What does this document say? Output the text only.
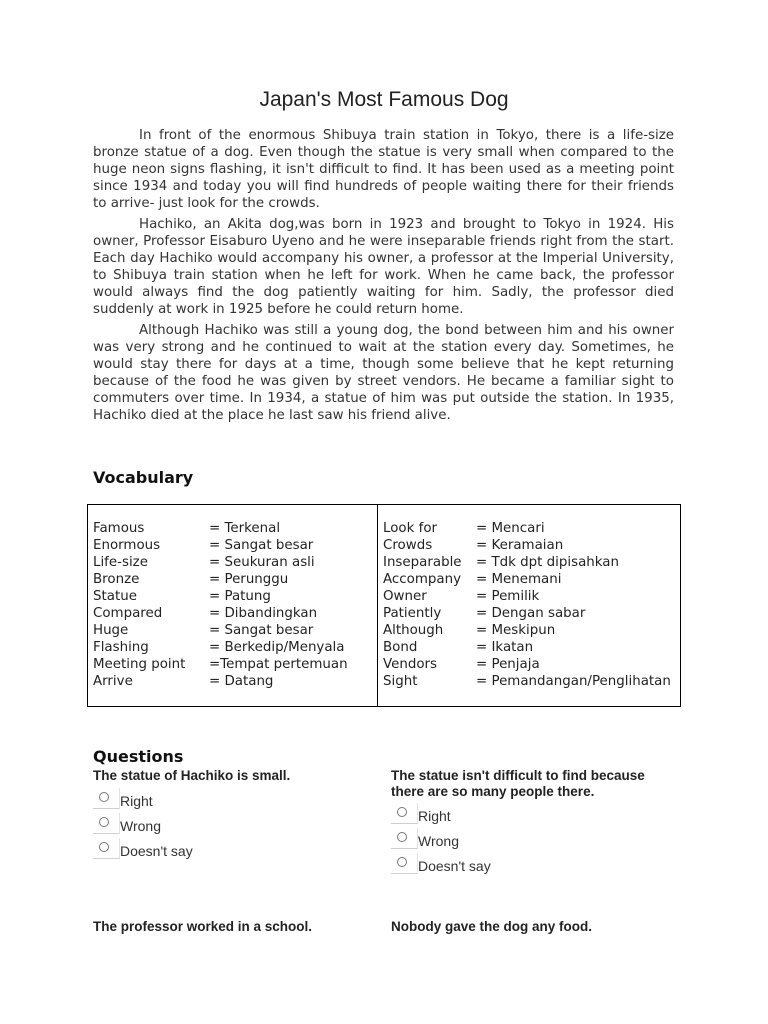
Japan's Most Famous Dog

In front of the enormous Shibuya train station in Tokyo, there is a life-size bronze statue of a dog. Even though the statue is very small when compared to the huge neon signs flashing, it isn't difficult to find. It has been used as a meeting point since 1934 and today you will find hundreds of people waiting there for their friends to arrive- just look for the crowds.

Hachiko, an Akita dog,was born in 1923 and brought to Tokyo in 1924. His owner, Professor Eisaburo Uyeno and he were inseparable friends right from the start. Each day Hachiko would accompany his owner, a professor at the Imperial University, to Shibuya train station when he left for work. When he came back, the professor would always find the dog patiently waiting for him. Sadly, the professor died suddenly at work in 1925 before he could return home.

Although Hachiko was still a young dog, the bond between him and his owner was very strong and he continued to wait at the station every day. Sometimes, he would stay there for days at a time, though some believe that he kept returning because of the food he was given by street vendors. He became a familiar sight to commuters over time. In 1934, a statue of him was put outside the station. In 1935, Hachiko died at the place he last saw his friend alive.

Vocabulary
Famous	= Terkenal
Enormous	= Sangat besar
Life-size	= Seukuran asli
Bronze	= Perunggu
Statue	= Patung
Compared	= Dibandingkan
Huge	= Sangat besar
Flashing	= Berkedip/Menyala
Meeting point	=Tempat pertemuan
Arrive	= Datang
Look for	= Mencari
Crowds	= Keramaian
Inseparable	= Tdk dpt dipisahkan
Accompany	= Menemani
Owner	= Pemilik
Patiently	= Dengan sabar
Although	= Meskipun
Bond	= Ikatan
Vendors	= Penjaja
Sight	= Pemandangan/Penglihatan
Questions
The statue of Hachiko is small.
Right
Wrong
Doesn't say
The statue isn't difficult to find because there are so many people there.
Right
Wrong
Doesn't say
The professor worked in a school.	Nobody gave the dog any food.
